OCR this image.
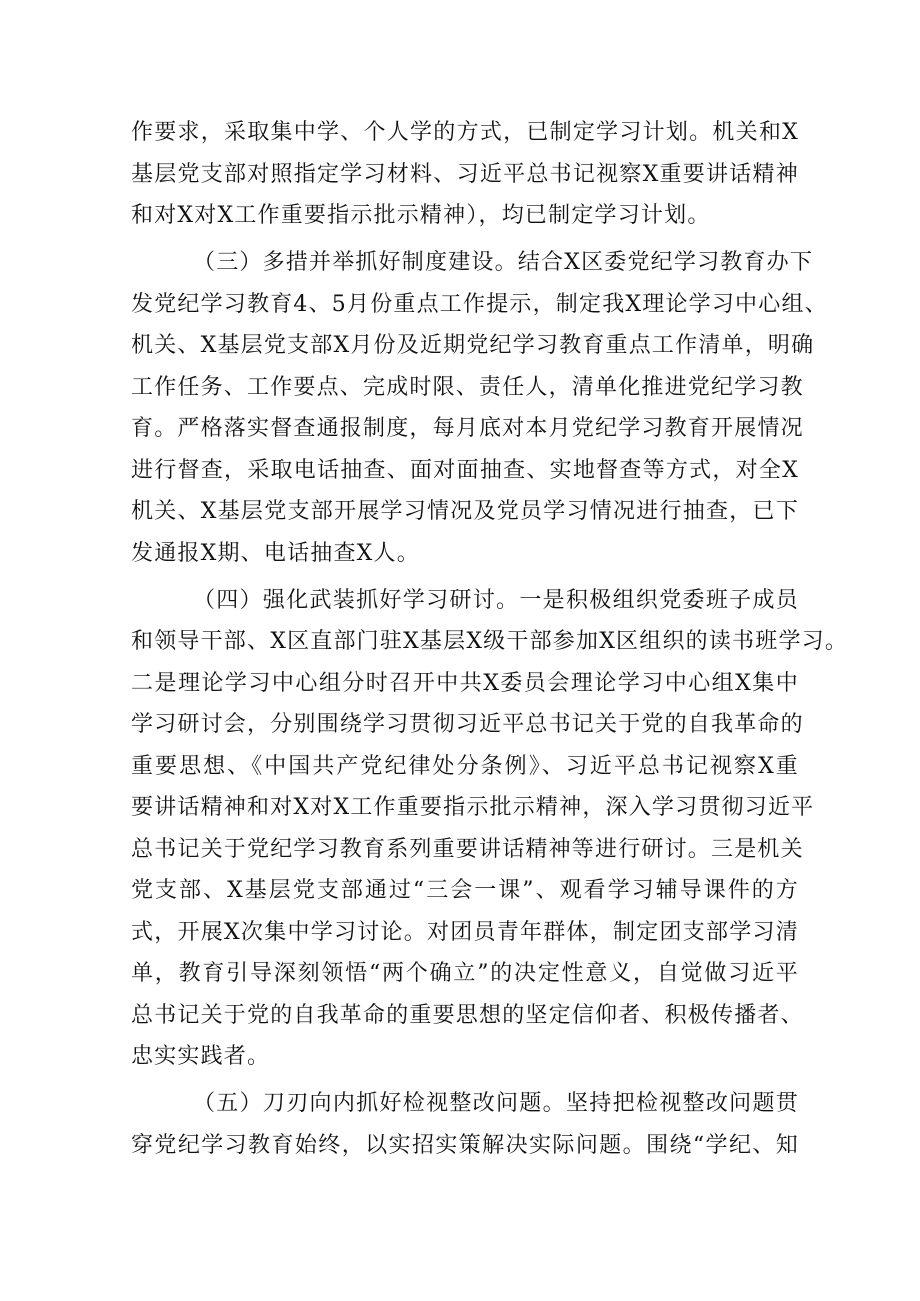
作要求，采取集中学、个人学的方式，已制定学习计划。机关和X
基层党支部对照指定学习材料、习近平总书记视察X重要讲话精神
和对X对X工作重要指示批示精神），均已制定学习计划。
（三）多措并举抓好制度建设。结合X区委党纪学习教育办下
发党纪学习教育4、5月份重点工作提示，制定我X理论学习中心组、
机关、X基层党支部X月份及近期党纪学习教育重点工作清单，明确
工作任务、工作要点、完成时限、责任人，清单化推进党纪学习教
育。严格落实督查通报制度，每月底对本月党纪学习教育开展情况
进行督查，采取电话抽查、面对面抽查、实地督查等方式，对全X
机关、X基层党支部开展学习情况及党员学习情况进行抽查，已下
发通报X期、电话抽查X人。
（四）强化武装抓好学习研讨。一是积极组织党委班子成员
和领导干部、X区直部门驻X基层X级干部参加X区组织的读书班学习。
二是理论学习中心组分时召开中共X委员会理论学习中心组X集中
学习研讨会，分别围绕学习贯彻习近平总书记关于党的自我革命的
重要思想、《中国共产党纪律处分条例》、习近平总书记视察X重
要讲话精神和对X对X工作重要指示批示精神，深入学习贯彻习近平
总书记关于党纪学习教育系列重要讲话精神等进行研讨。三是机关
党支部、X基层党支部通过“三会一课”、观看学习辅导课件的方
式，开展X次集中学习讨论。对团员青年群体，制定团支部学习清
单，教育引导深刻领悟“两个确立”的决定性意义，自觉做习近平
总书记关于党的自我革命的重要思想的坚定信仰者、积极传播者、
忠实实践者。
（五）刀刃向内抓好检视整改问题。坚持把检视整改问题贯
穿党纪学习教育始终，以实招实策解决实际问题。围绕“学纪、知
